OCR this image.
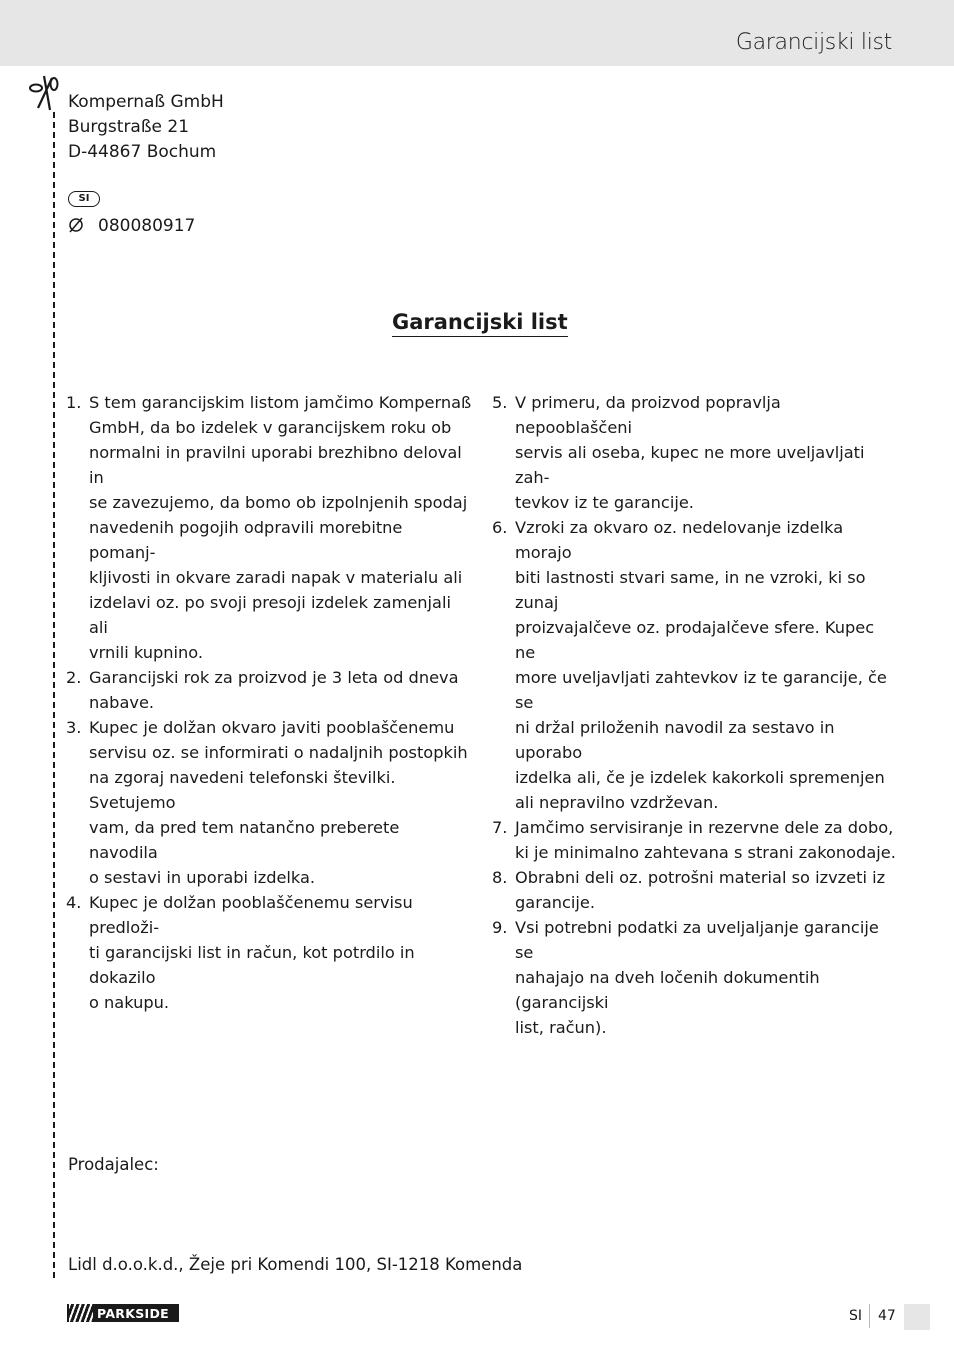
Garancijski list
Kompernaß GmbH
Burgstraße 21
D-44867 Bochum
SI
080080917
Garancijski list
1. S tem garancijskim listom jamčimo Kompernaß
GmbH, da bo izdelek v garancijskem roku ob
normalni in pravilni uporabi brezhibno deloval in
se zavezujemo, da bomo ob izpolnjenih spodaj
navedenih pogojih odpravili morebitne pomanj-
kljivosti in okvare zaradi napak v materialu ali
izdelavi oz. po svoji presoji izdelek zamenjali ali
vrnili kupnino.
2. Garancijski rok za proizvod je 3 leta od dneva
nabave.
3. Kupec je dolžan okvaro javiti pooblaščenemu
servisu oz. se informirati o nadaljnih postopkih
na zgoraj navedeni telefonski številki. Svetujemo
vam, da pred tem natančno preberete navodila
o sestavi in uporabi izdelka.
4. Kupec je dolžan pooblaščenemu servisu predloži-
ti garancijski list in račun, kot potrdilo in dokazilo
o nakupu.
5. V primeru, da proizvod popravlja nepooblaščeni
servis ali oseba, kupec ne more uveljavljati zah-
tevkov iz te garancije.
6. Vzroki za okvaro oz. nedelovanje izdelka morajo
biti lastnosti stvari same, in ne vzroki, ki so zunaj
proizvajalčeve oz. prodajalčeve sfere. Kupec ne
more uveljavljati zahtevkov iz te garancije, če se
ni držal priloženih navodil za sestavo in uporabo
izdelka ali, če je izdelek kakorkoli spremenjen
ali nepravilno vzdrževan.
7. Jamčimo servisiranje in rezervne dele za dobo,
ki je minimalno zahtevana s strani zakonodaje.
8. Obrabni deli oz. potrošni material so izvzeti iz
garancije.
9. Vsi potrebni podatki za uveljaljanje garancije se
nahajajo na dveh ločenih dokumentih (garancijski
list, račun).
Prodajalec:
Lidl d.o.o.k.d., Žeje pri Komendi 100, SI-1218 Komenda
PARKSIDE	SI 47
